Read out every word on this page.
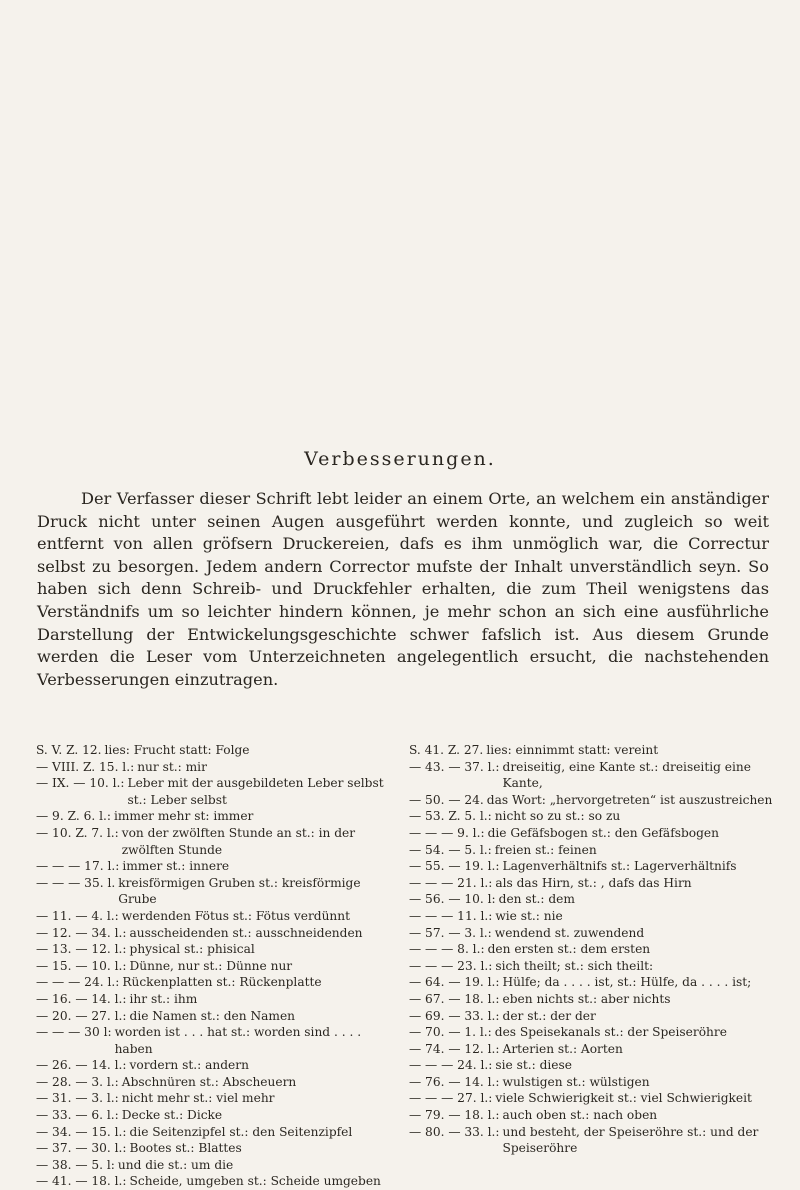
Verbesserungen.

Der Verfasser dieser Schrift lebt leider an einem Orte, an welchem ein anständiger Druck nicht unter seinen Augen ausgeführt werden konnte, und zugleich so weit entfernt von allen gröfsern Druckereien, dafs es ihm unmöglich war, die Correctur selbst zu besorgen. Jedem andern Corrector mufste der Inhalt unverständlich seyn. So haben sich denn Schreib- und Druckfehler erhalten, die zum Theil wenigstens das Verständnifs um so leichter hindern können, je mehr schon an sich eine ausführliche Darstellung der Entwickelungsgeschichte schwer fafslich ist. Aus diesem Grunde werden die Leser vom Unterzeichneten angelegentlich ersucht, die nachstehenden Verbesserungen einzutragen.

S. V. Z. 12. lies: Frucht statt: Folge
— VIII. Z. 15. l.: nur st.: mir
— IX. — 10. l.: Leber mit der ausgebildeten Leber selbst st.: Leber selbst
— 9. Z. 6. l.: immer mehr st: immer
— 10. Z. 7. l.: von der zwölften Stunde an st.: in der zwölften Stunde
— — — 17. l.: immer st.: innere
— — — 35. l. kreisförmigen Gruben st.: kreisförmige Grube
— 11. — 4. l.: werdenden Fötus st.: Fötus verdünnt
— 12. — 34. l.: ausscheidenden st.: ausschneidenden
— 13. — 12. l.: physical st.: phisical
— 15. — 10. l.: Dünne, nur st.: Dünne nur
— — — 24. l.: Rückenplatten st.: Rückenplatte
— 16. — 14. l.: ihr st.: ihm
— 20. — 27. l.: die Namen st.: den Namen
— — — 30 l: worden ist . . . hat st.: worden sind . . . . haben
— 26. — 14. l.: vordern st.: andern
— 28. — 3. l.: Abschnüren st.: Abscheuern
— 31. — 3. l.: nicht mehr st.: viel mehr
— 33. — 6. l.: Decke st.: Dicke
— 34. — 15. l.: die Seitenzipfel st.: den Seitenzipfel
— 37. — 30. l.: Bootes st.: Blattes
— 38. — 5. l: und die st.: um die
— 41. — 18. l.: Scheide, umgeben st.: Scheide umgeben
S. 41. Z. 27. lies: einnimmt statt: vereint
— 43. — 37. l.: dreiseitig, eine Kante st.: dreiseitig eine Kante,
— 50. — 24. das Wort: „hervorgetreten“ ist auszustreichen
— 53. Z. 5. l.: nicht so zu st.: so zu
— — — 9. l.: die Gefäfsbogen st.: den Gefäfsbogen
— 54. — 5. l.: freien st.: feinen
— 55. — 19. l.: Lagenverhältnifs st.: Lagerverhältnifs
— — — 21. l.: als das Hirn, st.: , dafs das Hirn
— 56. — 10. l: den st.: dem
— — — 11. l.: wie st.: nie
— 57. — 3. l.: wendend st. zuwendend
— — — 8. l.: den ersten st.: dem ersten
— — — 23. l.: sich theilt; st.: sich theilt:
— 64. — 19. l.: Hülfe; da . . . . ist, st.: Hülfe, da . . . . ist;
— 67. — 18. l.: eben nichts st.: aber nichts
— 69. — 33. l.: der st.: der der
— 70. — 1. l.: des Speisekanals st.: der Speiseröhre
— 74. — 12. l.: Arterien st.: Aorten
— — — 24. l.: sie st.: diese
— 76. — 14. l.: wulstigen st.: wülstigen
— — — 27. l.: viele Schwierigkeit st.: viel Schwierigkeit
— 79. — 18. l.: auch oben st.: nach oben
— 80. — 33. l.: und besteht, der Speiseröhre st.: und der Speiseröhre
